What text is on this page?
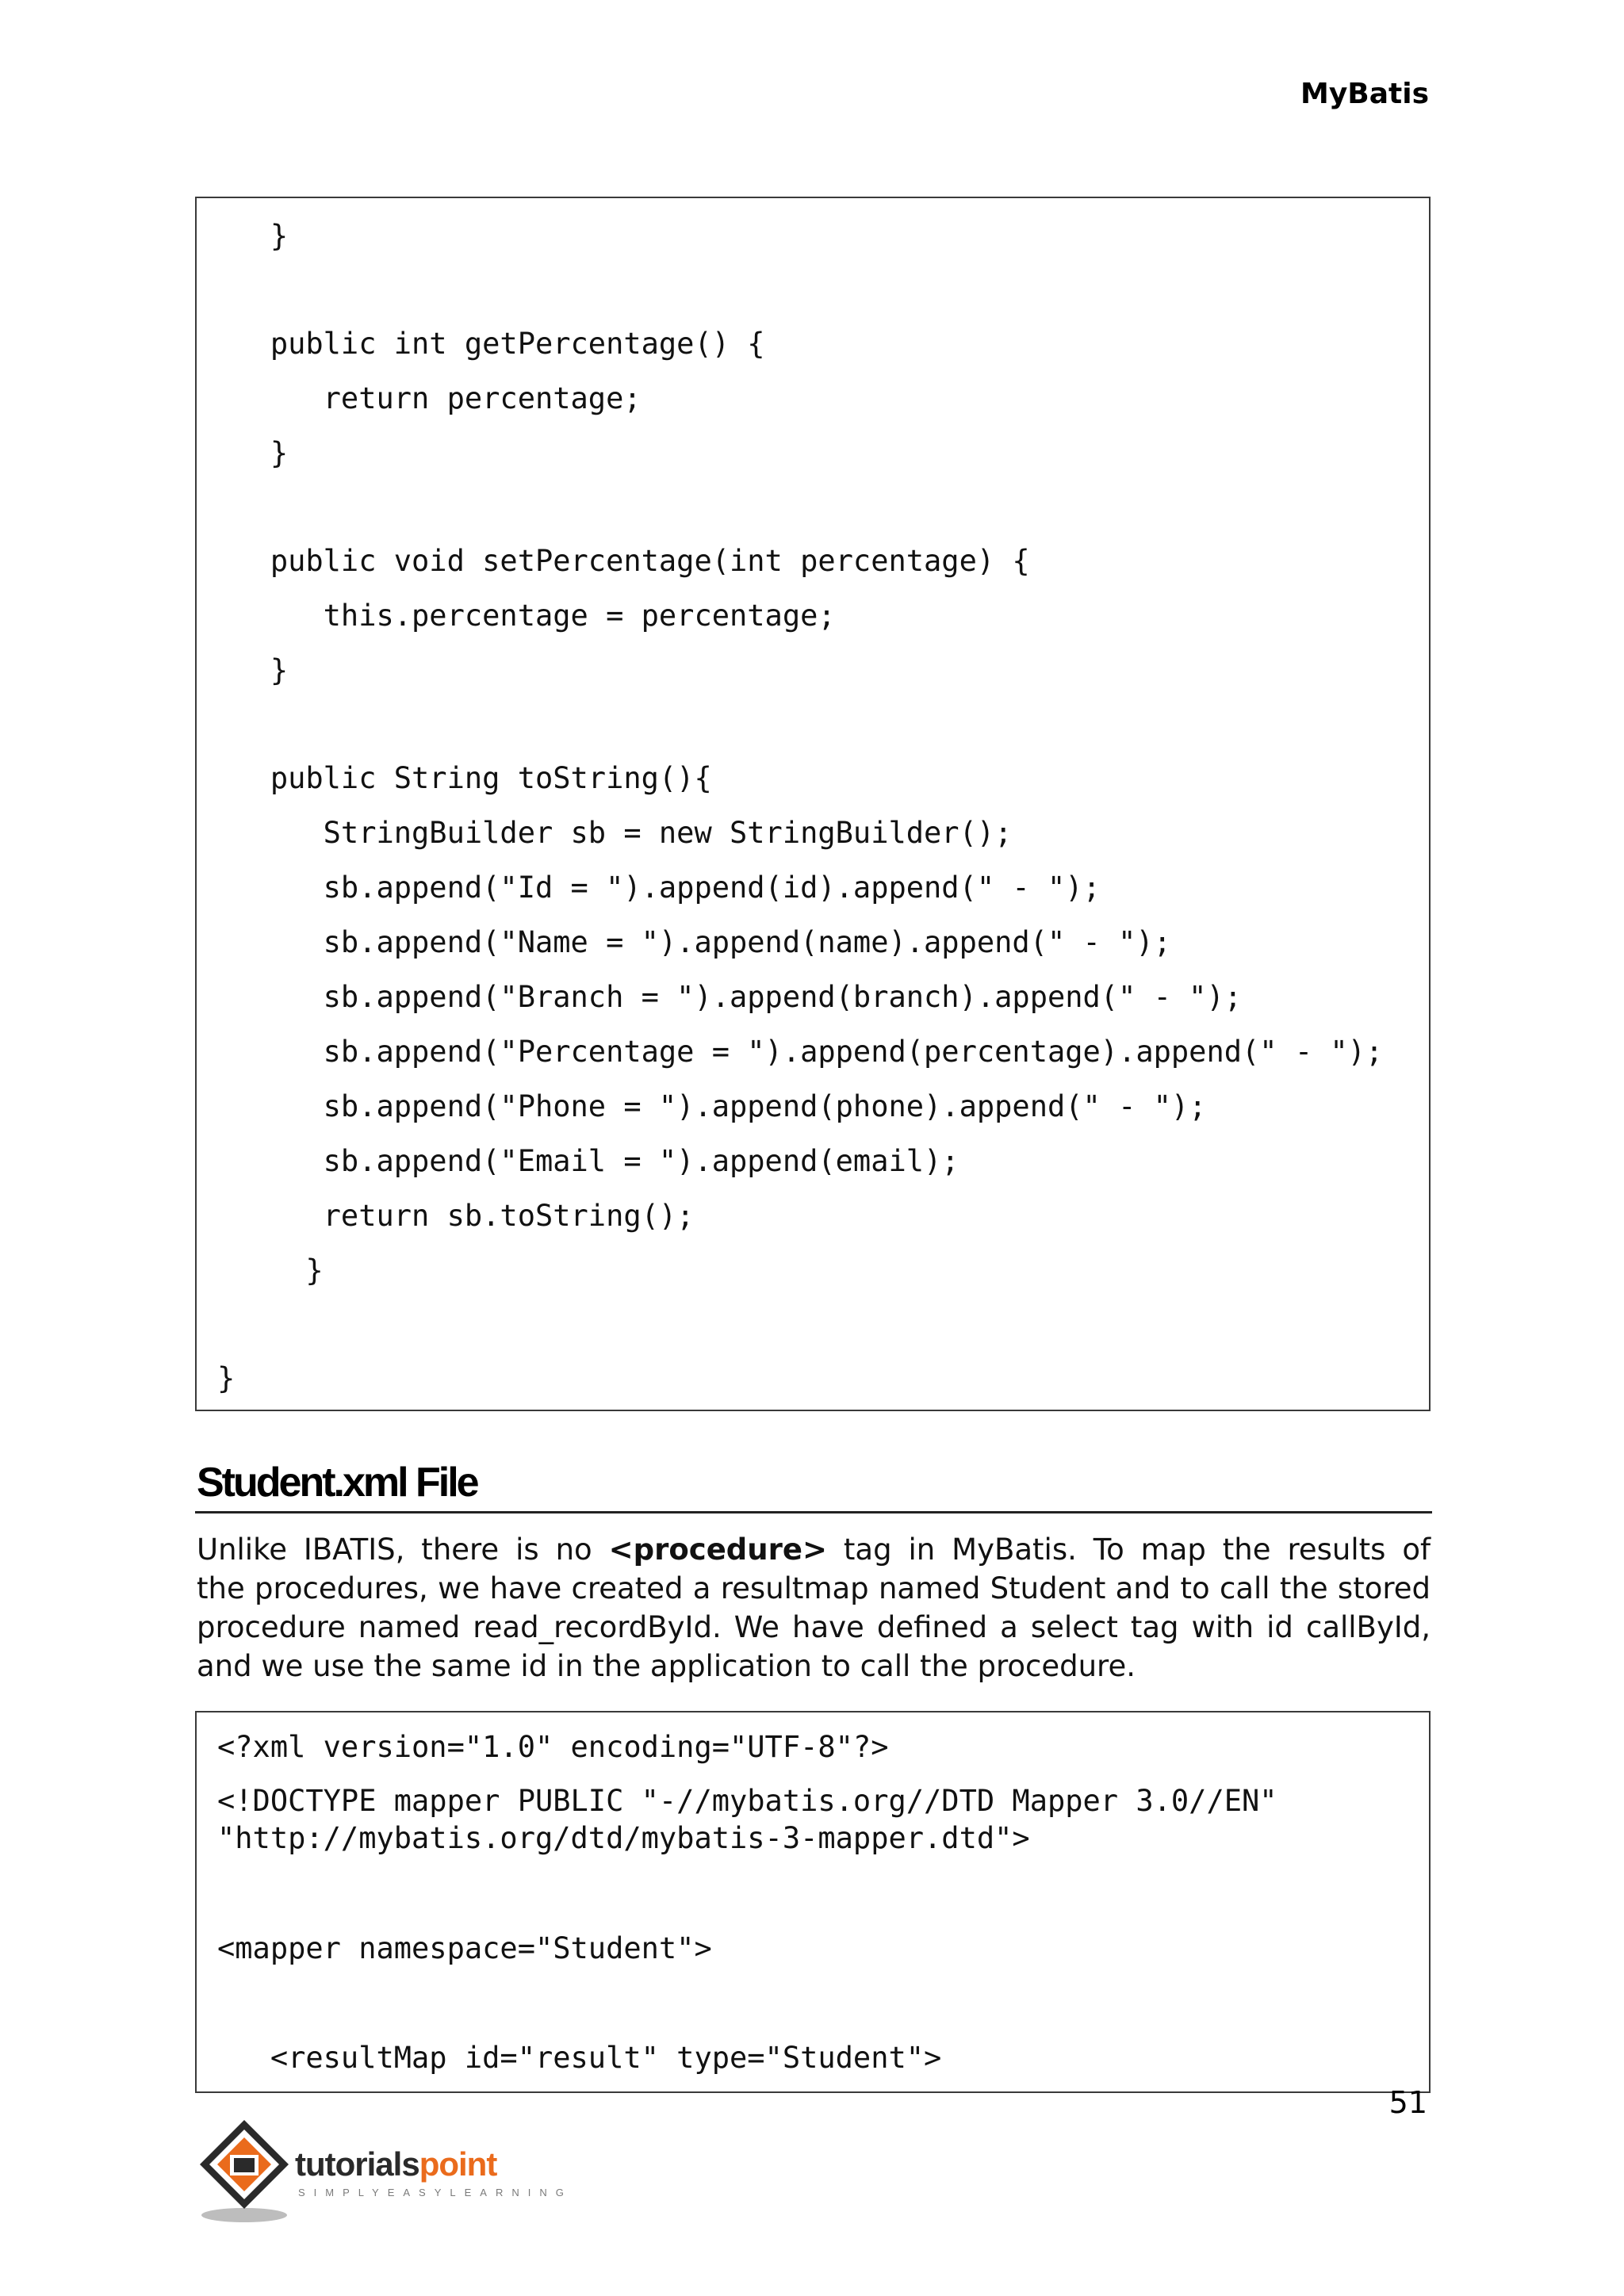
MyBatis
}
public int getPercentage() {
return percentage;
}
public void setPercentage(int percentage) {
this.percentage = percentage;
}
public String toString(){
StringBuilder sb = new StringBuilder();
sb.append("Id = ").append(id).append(" - ");
sb.append("Name = ").append(name).append(" - ");
sb.append("Branch = ").append(branch).append(" - ");
sb.append("Percentage = ").append(percentage).append(" - ");
sb.append("Phone = ").append(phone).append(" - ");
sb.append("Email = ").append(email);
return sb.toString();
}
}
Student.xml File
Unlike IBATIS, there is no <procedure> tag in MyBatis. To map the results of
the procedures, we have created a resultmap named Student and to call the stored
procedure named read_recordById. We have defined a select tag with id callById,
and we use the same id in the application to call the procedure.
<?xml version="1.0" encoding="UTF-8"?>
<!DOCTYPE mapper PUBLIC "-//mybatis.org//DTD Mapper 3.0//EN"
"http://mybatis.org/dtd/mybatis-3-mapper.dtd">
<mapper namespace="Student">
<resultMap id="result" type="Student">
51
tutorialspoint
SIMPLYEASYLEARNING
